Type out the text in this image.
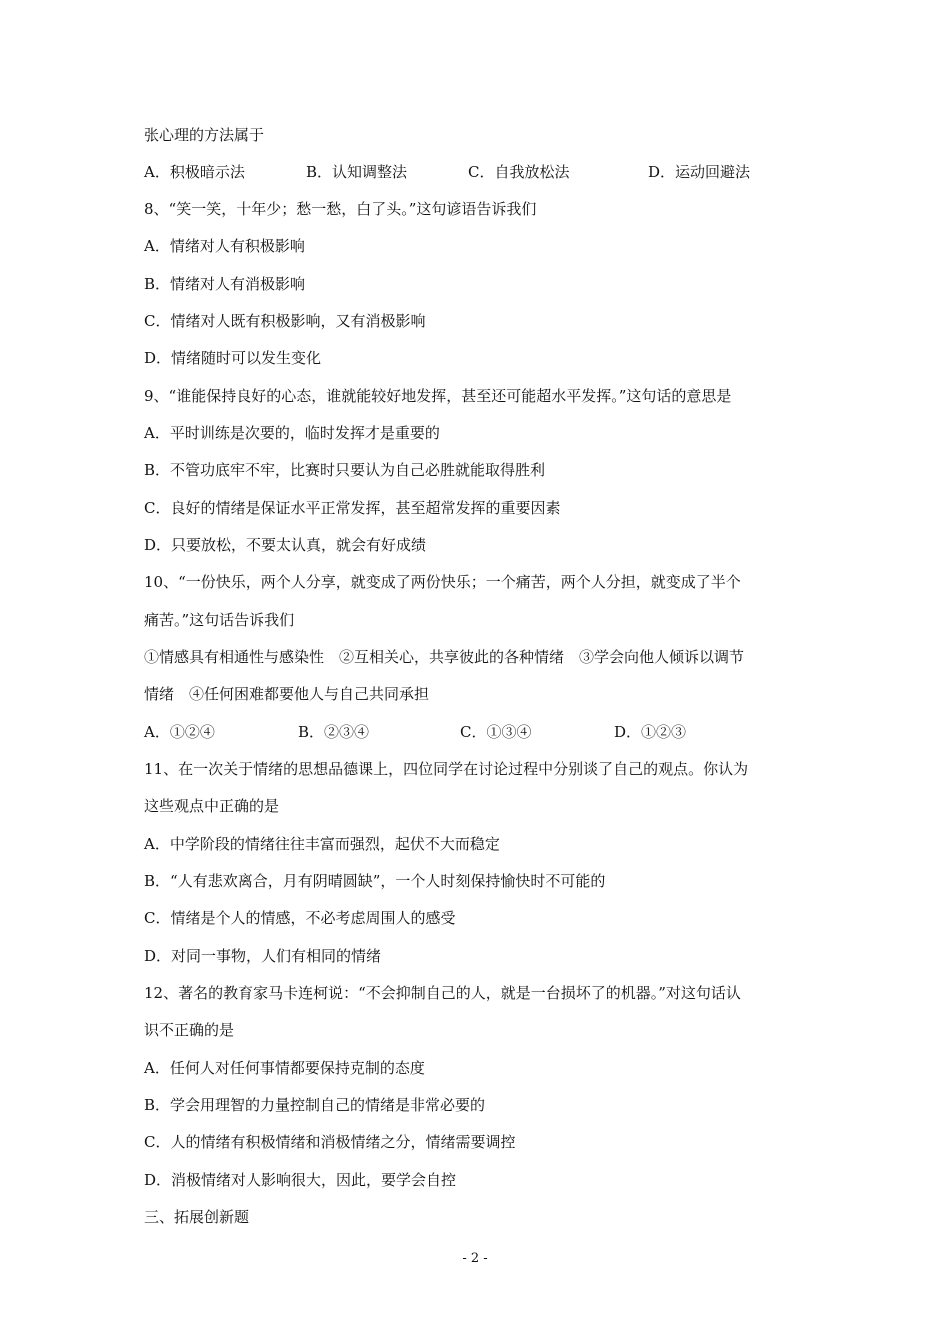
张心理的方法属于
A．积极暗示法	B．认知调整法	C．自我放松法	D．运动回避法
8、“笑一笑，十年少；愁一愁，白了头。”这句谚语告诉我们
A．情绪对人有积极影响
B．情绪对人有消极影响
C．情绪对人既有积极影响，又有消极影响
D．情绪随时可以发生变化
9、“谁能保持良好的心态，谁就能较好地发挥，甚至还可能超水平发挥。”这句话的意思是
A．平时训练是次要的，临时发挥才是重要的
B．不管功底牢不牢，比赛时只要认为自己必胜就能取得胜利
C．良好的情绪是保证水平正常发挥，甚至超常发挥的重要因素
D．只要放松，不要太认真，就会有好成绩
10、“一份快乐，两个人分享，就变成了两份快乐；一个痛苦，两个人分担，就变成了半个
痛苦。”这句话告诉我们
①情感具有相通性与感染性　②互相关心，共享彼此的各种情绪　③学会向他人倾诉以调节
情绪　④任何困难都要他人与自己共同承担
A．①②④	B．②③④	C．①③④	D．①②③
11、在一次关于情绪的思想品德课上，四位同学在讨论过程中分别谈了自己的观点。你认为
这些观点中正确的是
A．中学阶段的情绪往往丰富而强烈，起伏不大而稳定
B．“人有悲欢离合，月有阴晴圆缺”，一个人时刻保持愉快时不可能的
C．情绪是个人的情感，不必考虑周围人的感受
D．对同一事物，人们有相同的情绪
12、著名的教育家马卡连柯说：“不会抑制自己的人，就是一台损坏了的机器。”对这句话认
识不正确的是
A．任何人对任何事情都要保持克制的态度
B．学会用理智的力量控制自己的情绪是非常必要的
C．人的情绪有积极情绪和消极情绪之分，情绪需要调控
D．消极情绪对人影响很大，因此，要学会自控
三、拓展创新题
- 2 -
